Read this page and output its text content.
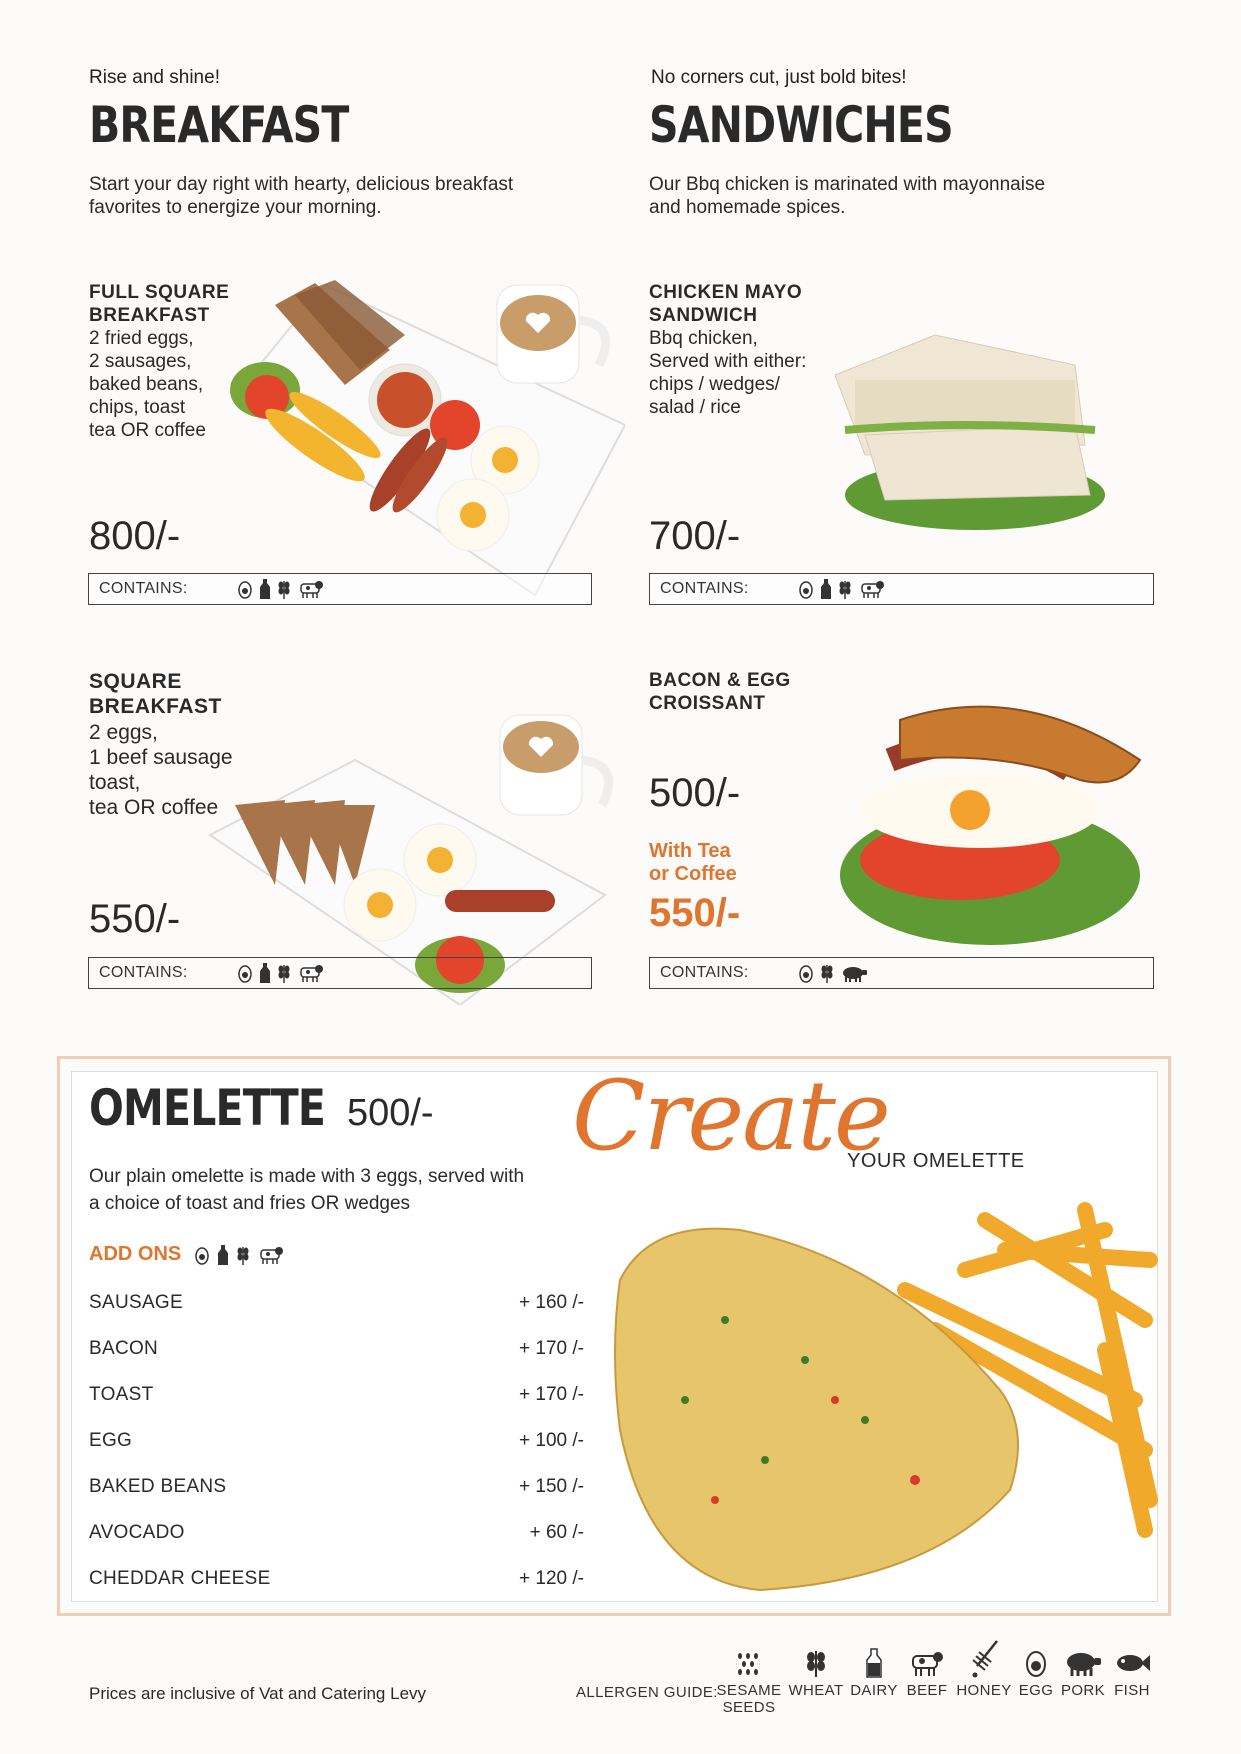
Rise and shine!
BREAKFAST
Start your day right with hearty, delicious breakfast
favorites to energize your morning.
FULL SQUARE
BREAKFAST
2 fried eggs,
2 sausages,
baked beans,
chips, toast
tea OR coffee
800/-
CONTAINS:
SQUARE
BREAKFAST
2 eggs,
1 beef sausage
toast,
tea OR coffee
550/-
CONTAINS:
No corners cut, just bold bites!
SANDWICHES
Our Bbq chicken is marinated with mayonnaise
and homemade spices.
CHICKEN MAYO
SANDWICH
Bbq chicken,
Served with either:
chips / wedges/
salad / rice
700/-
CONTAINS:
BACON & EGG
CROISSANT
500/-
With Tea
or Coffee
550/-
CONTAINS:
OMELETTE 500/-
Our plain omelette is made with 3 eggs, served with
a choice of toast and fries OR wedges
Create
YOUR OMELETTE
ADD ONS
SAUSAGE	+ 160 /-
BACON	+ 170 /-
TOAST	+ 170 /-
EGG	+ 100 /-
BAKED BEANS	+ 150 /-
AVOCADO	+ 60 /-
CHEDDAR CHEESE	+ 120 /-
Prices are inclusive of Vat and Catering Levy	ALLERGEN GUIDE:
SESAME
SEEDS
WHEAT DAIRY BEEF HONEY EGG PORK FISH
